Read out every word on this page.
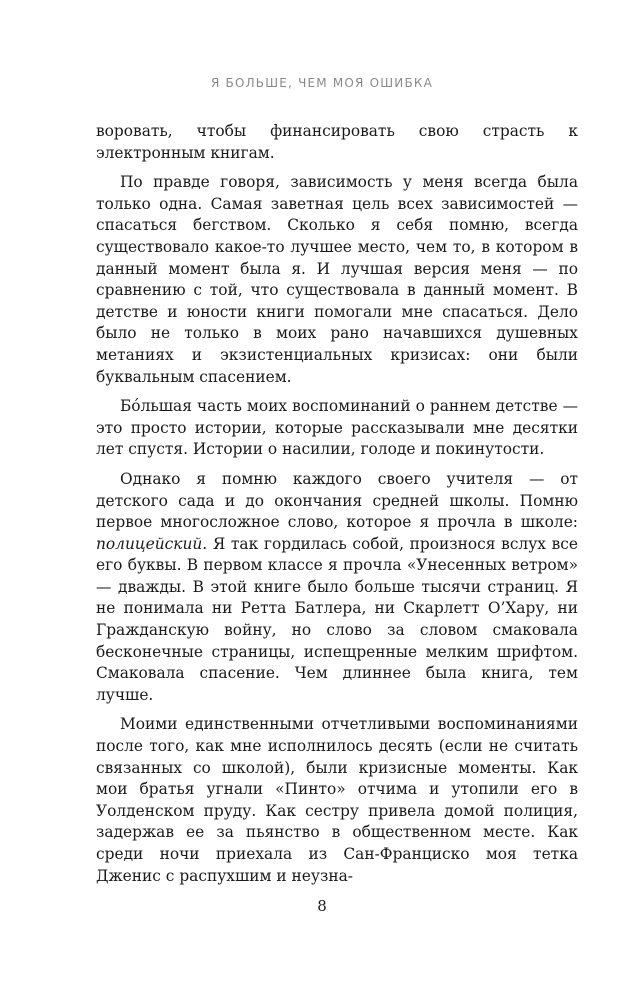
Я БОЛЬШЕ, ЧЕМ МОЯ ОШИБКА

воровать, чтобы финансировать свою страсть к электронным книгам.

По правде говоря, зависимость у меня всегда была только одна. Самая заветная цель всех зависимостей — спасаться бегством. Сколько я себя помню, всегда существовало какое-то лучшее место, чем то, в котором в данный момент была я. И лучшая версия меня — по сравнению с той, что существовала в данный момент. В детстве и юности книги помогали мне спасаться. Дело было не только в моих рано начавшихся душевных метаниях и экзистенциальных кризисах: они были буквальным спасением.

Бóльшая часть моих воспоминаний о раннем детстве — это просто истории, которые рассказывали мне десятки лет спустя. Истории о насилии, голоде и покинутости.

Однако я помню каждого своего учителя — от детского сада и до окончания средней школы. Помню первое многосложное слово, которое я прочла в школе: полицейский. Я так гордилась собой, произнося вслух все его буквы. В первом классе я прочла «Унесенных ветром» — дважды. В этой книге было больше тысячи страниц. Я не понимала ни Ретта Батлера, ни Скарлетт О’Хару, ни Гражданскую войну, но слово за словом смаковала бесконечные страницы, испещренные мелким шрифтом. Смаковала спасение. Чем длиннее была книга, тем лучше.

Моими единственными отчетливыми воспоминаниями после того, как мне исполнилось десять (если не считать связанных со школой), были кризисные моменты. Как мои братья угнали «Пинто» отчима и утопили его в Уолденском пруду. Как сестру привела домой полиция, задержав ее за пьянство в общественном месте. Как среди ночи приехала из Сан-Франциско моя тетка Дженис с распухшим и неузна-

8
